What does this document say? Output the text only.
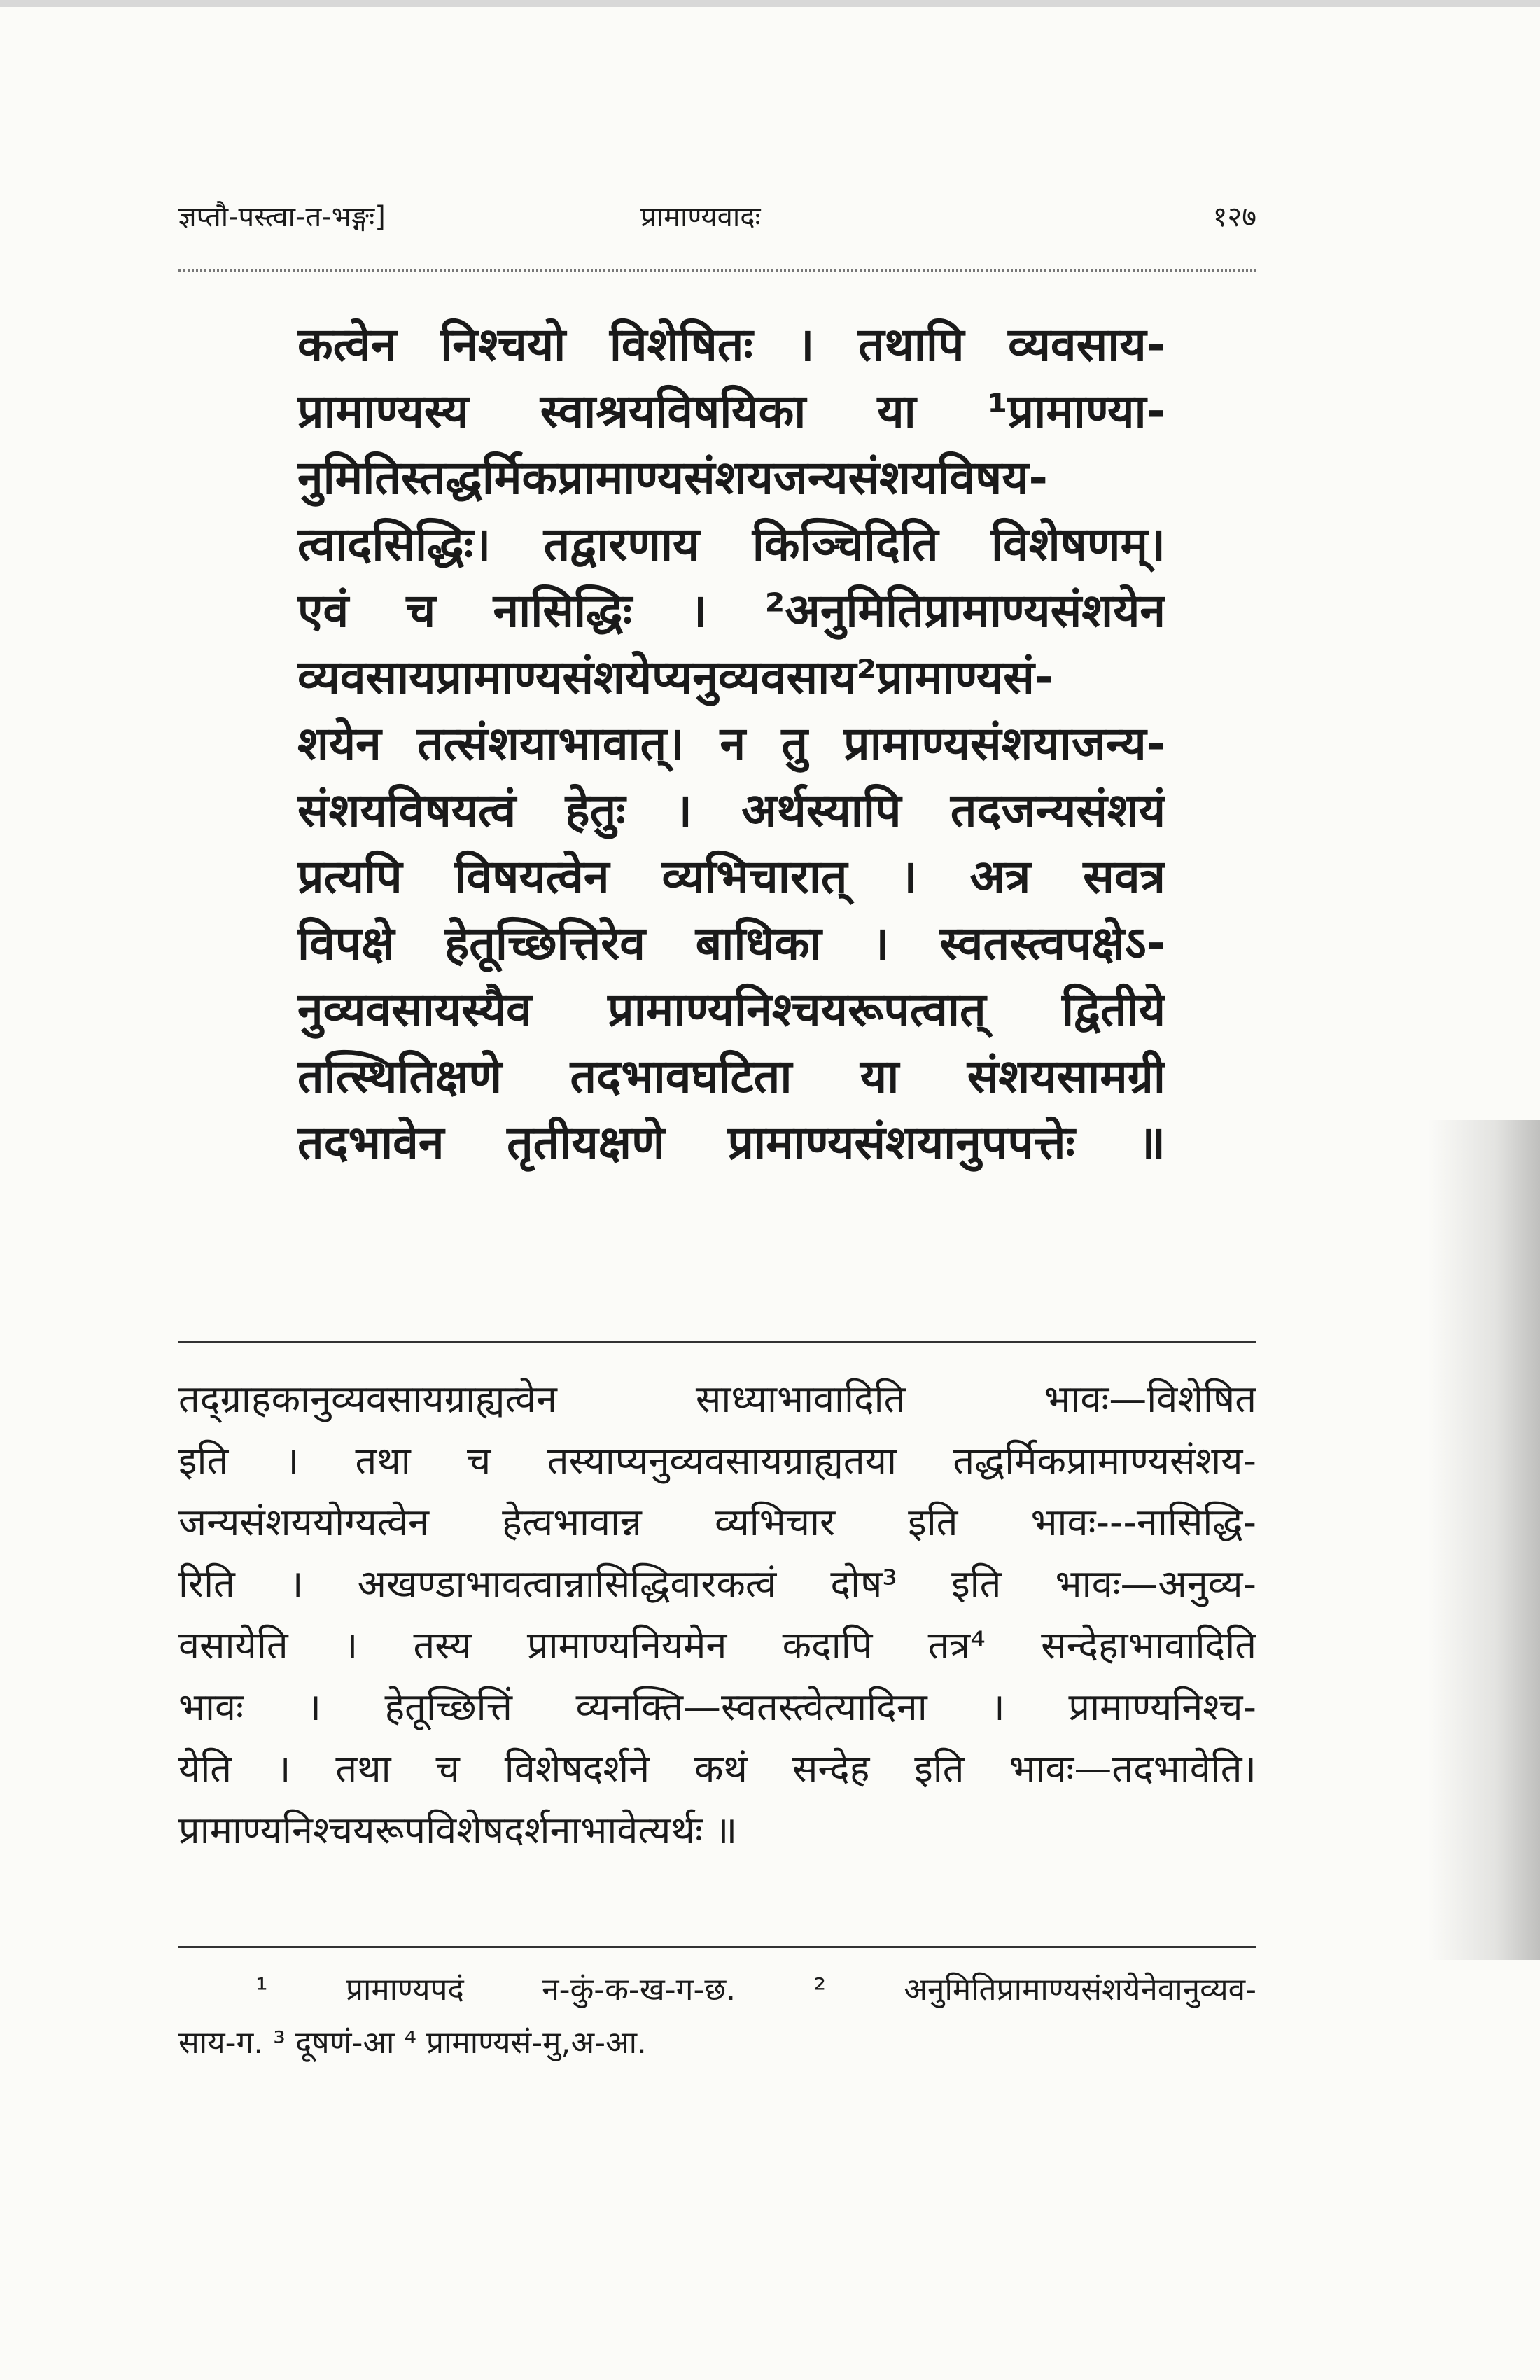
ज्ञप्तौ-पस्त्वा-त-भङ्गः]	प्रामाण्यवादः	१२७
कत्वेन निश्चयो विशेषितः । तथापि व्यवसाय-
प्रामाण्यस्य स्वाश्रयविषयिका या ¹प्रामाण्या-
नुमितिस्तद्धर्मिकप्रामाण्यसंशयजन्यसंशयविषय-
त्वादसिद्धिः। तद्वारणाय किञ्चिदिति विशेषणम्।
एवं च नासिद्धिः । ²अनुमितिप्रामाण्यसंशयेन
व्यवसायप्रामाण्यसंशयेप्यनुव्यवसाय²प्रामाण्यसं-
शयेन तत्संशयाभावात्। न तु प्रामाण्यसंशयाजन्य-
संशयविषयत्वं हेतुः । अर्थस्यापि तदजन्यसंशयं
प्रत्यपि विषयत्वेन व्यभिचारात् । अत्र सवत्र
विपक्षे हेतूच्छित्तिरेव बाधिका । स्वतस्त्वपक्षेऽ-
नुव्यवसायस्यैव प्रामाण्यनिश्चयरूपत्वात् द्वितीये
तत्स्थितिक्षणे तदभावघटिता या संशयसामग्री
तदभावेन तृतीयक्षणे प्रामाण्यसंशयानुपपत्तेः ॥
तद्ग्राहकानुव्यवसायग्राह्यत्वेन साध्याभावादिति भावः—विशेषित
इति । तथा च तस्याप्यनुव्यवसायग्राह्यतया तद्धर्मिकप्रामाण्यसंशय-
जन्यसंशययोग्यत्वेन हेत्वभावान्न व्यभिचार इति भावः---नासिद्धि-
रिति । अखण्डाभावत्वान्नासिद्धिवारकत्वं दोष³ इति भावः—अनुव्य-
वसायेति । तस्य प्रामाण्यनियमेन कदापि तत्र⁴ सन्देहाभावादिति
भावः । हेतूच्छित्तिं व्यनक्ति—स्वतस्त्वेत्यादिना । प्रामाण्यनिश्च-
येति । तथा च विशेषदर्शने कथं सन्देह इति भावः—तदभावेति।
प्रामाण्यनिश्चयरूपविशेषदर्शनाभावेत्यर्थः ॥
¹ प्रामाण्यपदं न-कुं-क-ख-ग-छ. ² अनुमितिप्रामाण्यसंशयेनेवानुव्यव-
साय-ग. ³ दूषणं-आ ⁴ प्रामाण्यसं-मु,अ-आ.
